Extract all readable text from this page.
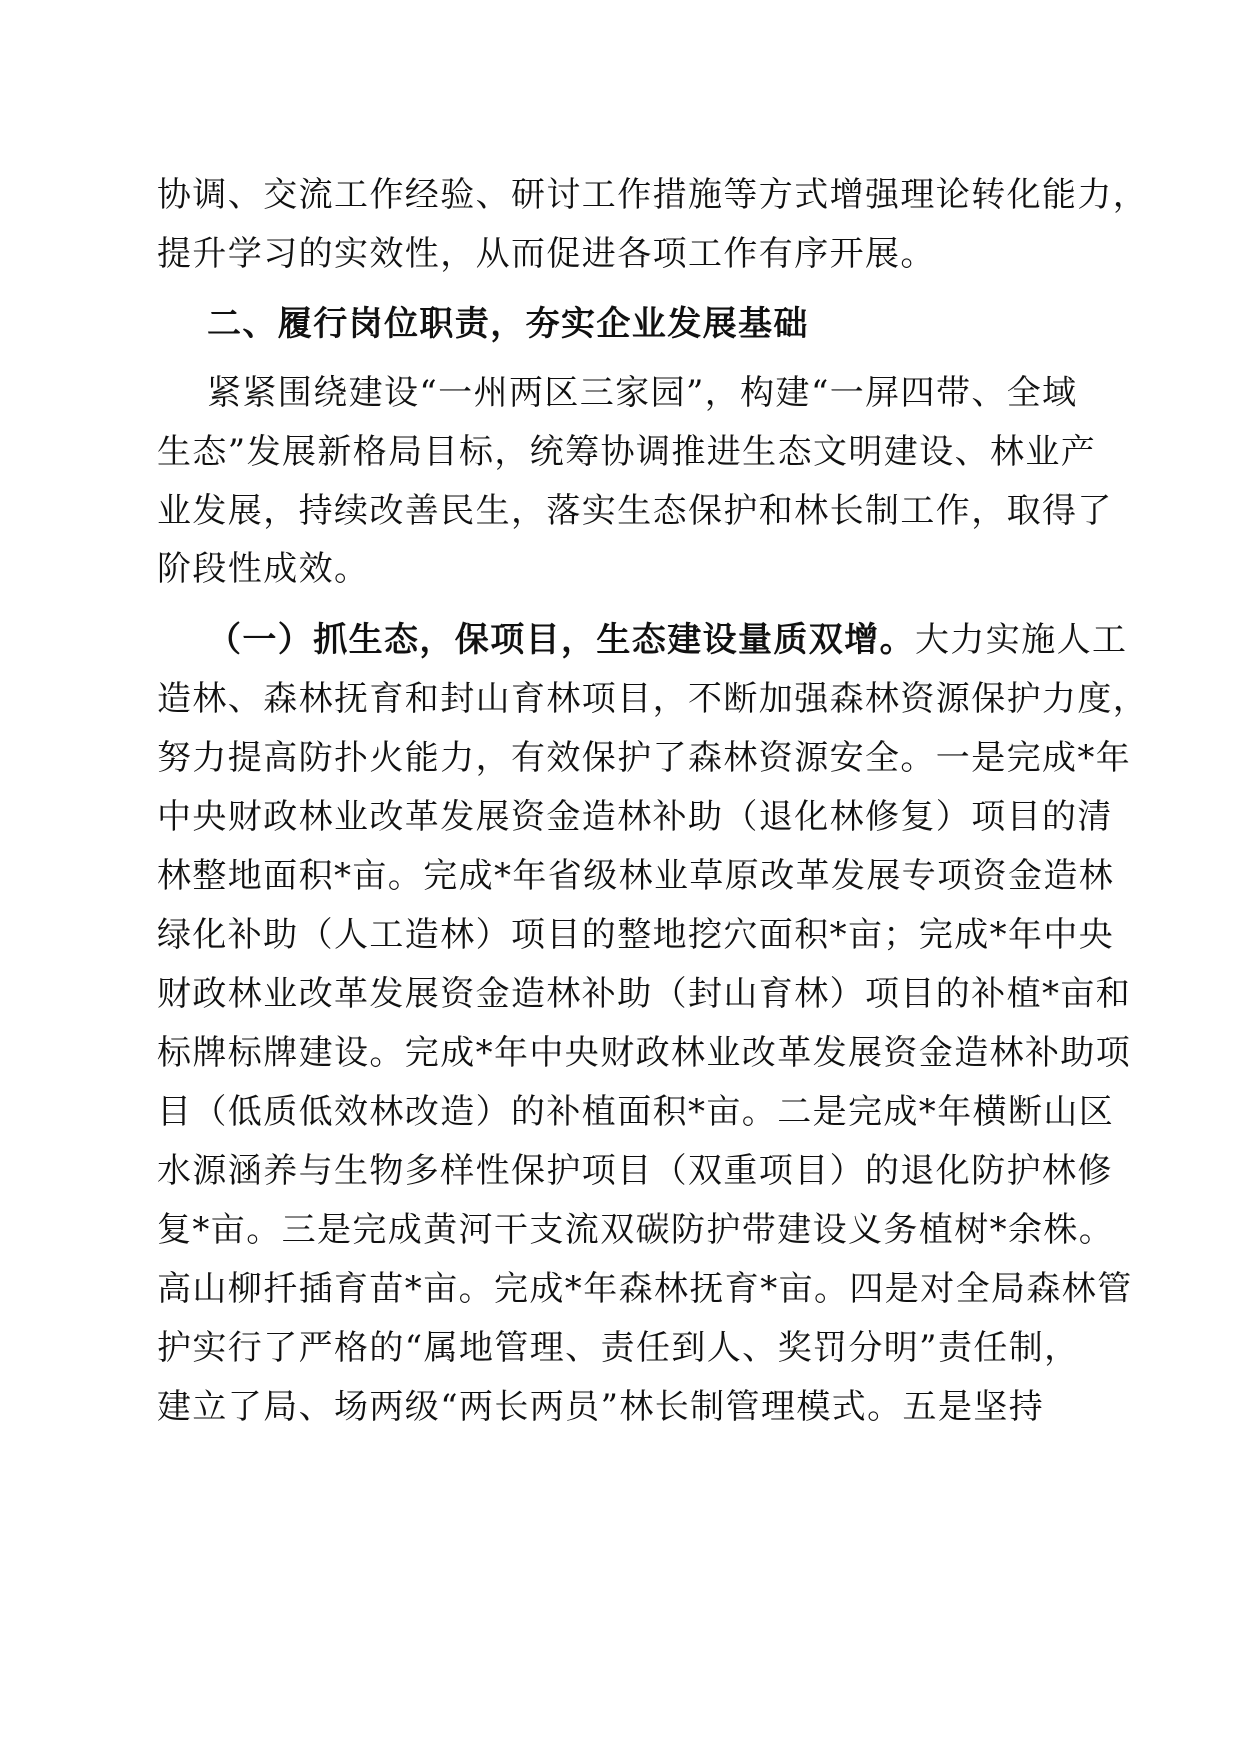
协调、交流工作经验、研讨工作措施等方式增强理论转化能力，
提升学习的实效性，从而促进各项工作有序开展。
二、履行岗位职责，夯实企业发展基础
紧紧围绕建设“一州两区三家园”，构建“一屏四带、全域
生态”发展新格局目标，统筹协调推进生态文明建设、林业产
业发展，持续改善民生，落实生态保护和林长制工作，取得了
阶段性成效。
（一）抓生态，保项目，生态建设量质双增。大力实施人工
造林、森林抚育和封山育林项目，不断加强森林资源保护力度，
努力提高防扑火能力，有效保护了森林资源安全。一是完成*年
中央财政林业改革发展资金造林补助（退化林修复）项目的清
林整地面积*亩。完成*年省级林业草原改革发展专项资金造林
绿化补助（人工造林）项目的整地挖穴面积*亩；完成*年中央
财政林业改革发展资金造林补助（封山育林）项目的补植*亩和
标牌标牌建设。完成*年中央财政林业改革发展资金造林补助项
目（低质低效林改造）的补植面积*亩。二是完成*年横断山区
水源涵养与生物多样性保护项目（双重项目）的退化防护林修
复*亩。三是完成黄河干支流双碳防护带建设义务植树*余株。
高山柳扦插育苗*亩。完成*年森林抚育*亩。四是对全局森林管
护实行了严格的“属地管理、责任到人、奖罚分明”责任制，
建立了局、场两级“两长两员”林长制管理模式。五是坚持
